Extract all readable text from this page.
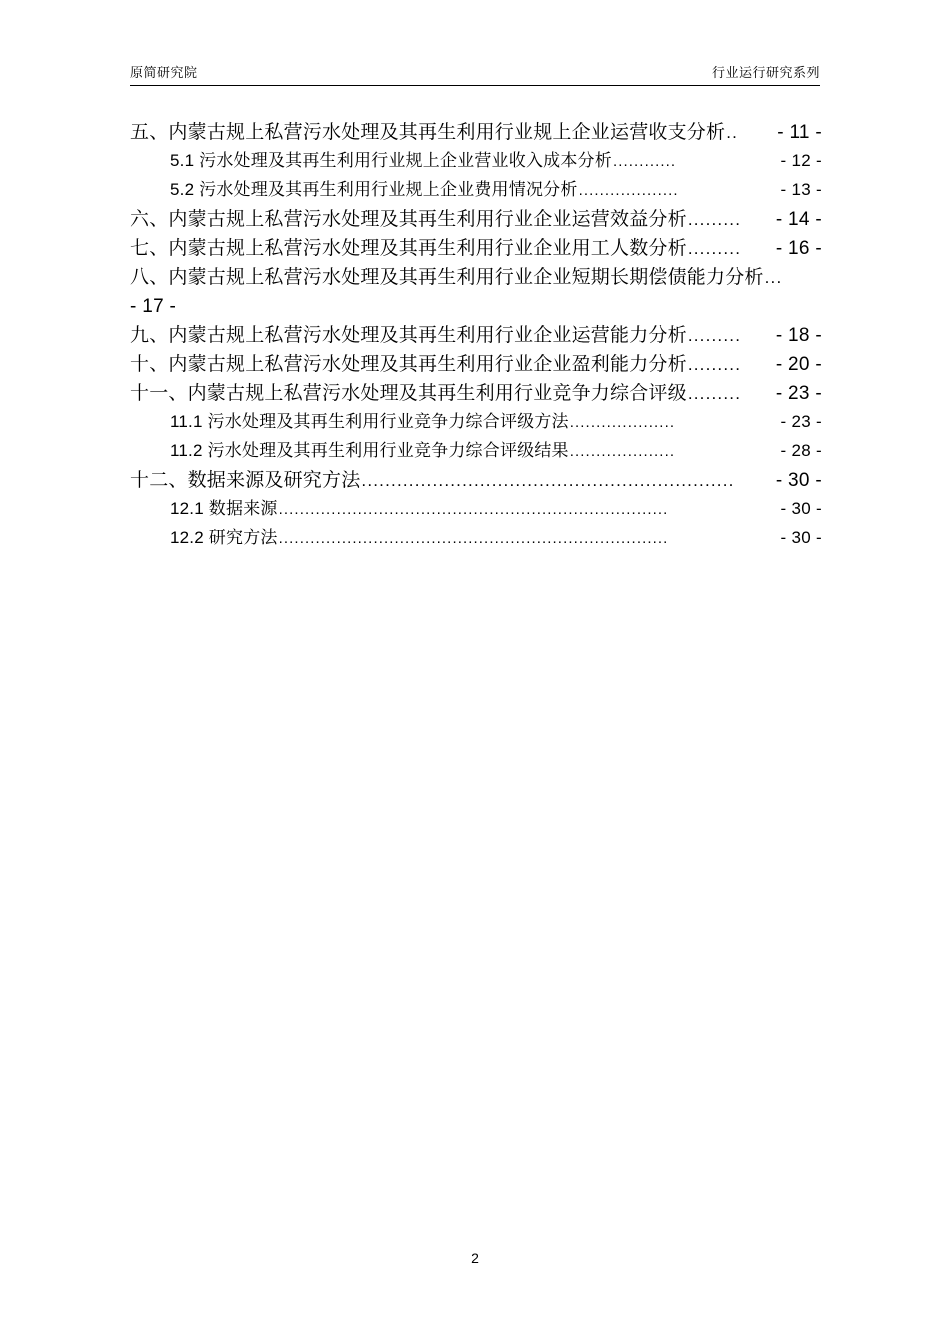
原简研究院	行业运行研究系列
五、内蒙古规上私营污水处理及其再生利用行业规上企业运营收支分析 ..	- 11 -
5.1 污水处理及其再生利用行业规上企业营业收入成本分析 ............	- 12 -
5.2 污水处理及其再生利用行业规上企业费用情况分析 ...................	- 13 -
六、内蒙古规上私营污水处理及其再生利用行业企业运营效益分析 .........	- 14 -
七、内蒙古规上私营污水处理及其再生利用行业企业用工人数分析 .........	- 16 -
八、内蒙古规上私营污水处理及其再生利用行业企业短期长期偿债能力分析...
- 17 -
九、内蒙古规上私营污水处理及其再生利用行业企业运营能力分析 .........	- 18 -
十、内蒙古规上私营污水处理及其再生利用行业企业盈利能力分析 .........	- 20 -
十一、内蒙古规上私营污水处理及其再生利用行业竞争力综合评级 .........	- 23 -
11.1 污水处理及其再生利用行业竞争力综合评级方法 ....................	- 23 -
11.2 污水处理及其再生利用行业竞争力综合评级结果 ....................	- 28 -
十二、数据来源及研究方法 ...............................................................	- 30 -
12.1 数据来源 ..........................................................................	- 30 -
12.2 研究方法 ..........................................................................	- 30 -
2
